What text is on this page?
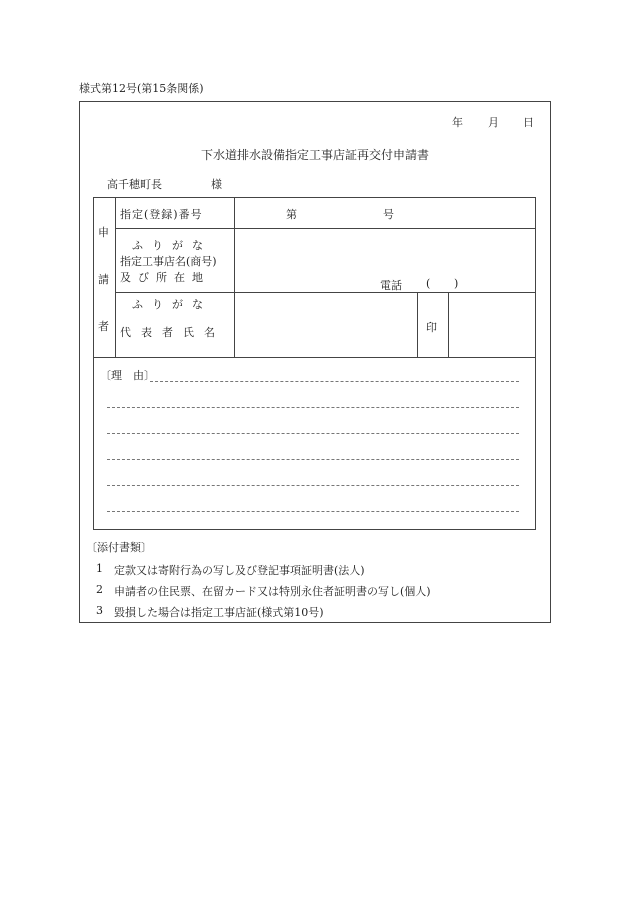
様式第12号(第15条関係)
年 月 日
下水道排水設備指定工事店証再交付申請書
高千穂町長	様
申
請
者
指定(登録)番号	第	号
ふりがな
指定工事店名(商号)
及び所在地
電話 ( )
ふりがな
代表者氏名	印
〔理　由〕
〔添付書類〕
1 定款又は寄附行為の写し及び登記事項証明書(法人)
2 申請者の住民票、在留カード又は特別永住者証明書の写し(個人)
3 毀損した場合は指定工事店証(様式第10号)
